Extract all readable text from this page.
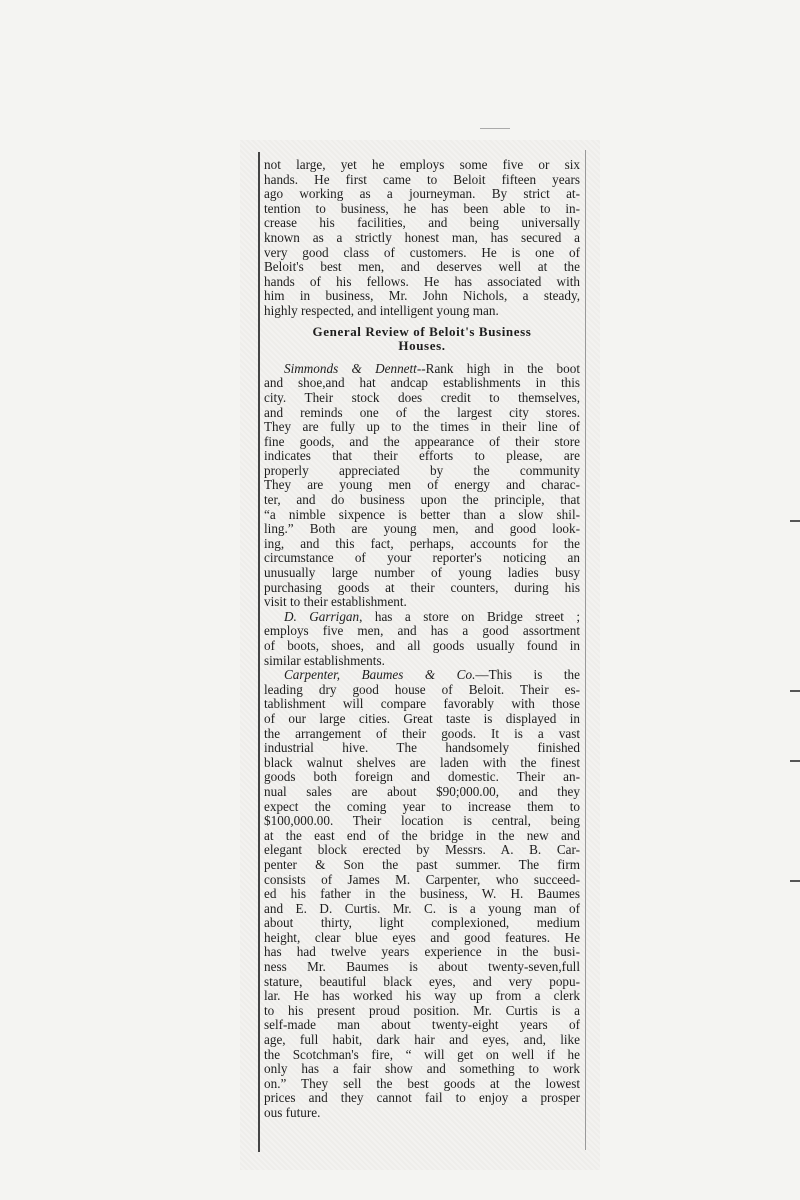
not large, yet he employs some five or six
hands. He first came to Beloit fifteen years
ago working as a journeyman. By strict at-
tention to business, he has been able to in-
crease his facilities, and being universally
known as a strictly honest man, has secured a
very good class of customers. He is one of
Beloit's best men, and deserves well at the
hands of his fellows. He has associated with
him in business, Mr. John Nichols, a steady,
highly respected, and intelligent young man.
General Review of Beloit's Business
Houses.
Simmonds & Dennett--Rank high in the boot
and shoe,and hat andcap establishments in this
city. Their stock does credit to themselves,
and reminds one of the largest city stores.
They are fully up to the times in their line of
fine goods, and the appearance of their store
indicates that their efforts to please, are
properly appreciated by the community
They are young men of energy and charac-
ter, and do business upon the principle, that
“a nimble sixpence is better than a slow shil-
ling.” Both are young men, and good look-
ing, and this fact, perhaps, accounts for the
circumstance of your reporter's noticing an
unusually large number of young ladies busy
purchasing goods at their counters, during his
visit to their establishment.
D. Garrigan, has a store on Bridge street ;
employs five men, and has a good assortment
of boots, shoes, and all goods usually found in
similar establishments.
Carpenter, Baumes & Co.—This is the
leading dry good house of Beloit. Their es-
tablishment will compare favorably with those
of our large cities. Great taste is displayed in
the arrangement of their goods. It is a vast
industrial hive. The handsomely finished
black walnut shelves are laden with the finest
goods both foreign and domestic. Their an-
nual sales are about $90;000.00, and they
expect the coming year to increase them to
$100,000.00. Their location is central, being
at the east end of the bridge in the new and
elegant block erected by Messrs. A. B. Car-
penter & Son the past summer. The firm
consists of James M. Carpenter, who succeed-
ed his father in the business, W. H. Baumes
and E. D. Curtis. Mr. C. is a young man of
about thirty, light complexioned, medium
height, clear blue eyes and good features. He
has had twelve years experience in the busi-
ness Mr. Baumes is about twenty-seven,full
stature, beautiful black eyes, and very popu-
lar. He has worked his way up from a clerk
to his present proud position. Mr. Curtis is a
self-made man about twenty-eight years of
age, full habit, dark hair and eyes, and, like
the Scotchman's fire, “ will get on well if he
only has a fair show and something to work
on.” They sell the best goods at the lowest
prices and they cannot fail to enjoy a prosper
ous future.
